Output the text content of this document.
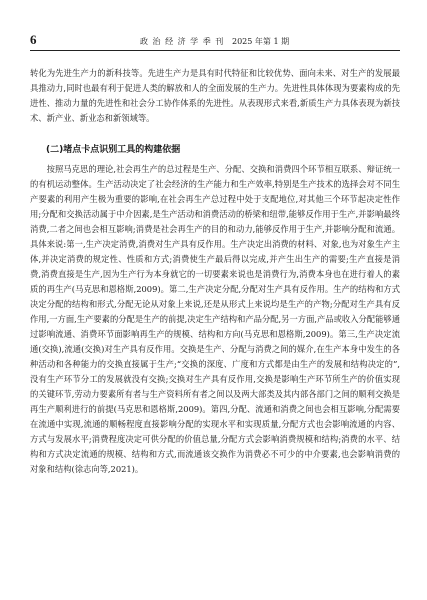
6	政 治 经 济 学 季 刊 2025 年第 1 期

转化为先进生产力的新科技等。先进生产力是具有时代特征和比较优势、面向未来、对生产的发展最具推动力,同时也最有利于促进人类的解放和人的全面发展的生产力。先进性具体体现为要素构成的先进性、推动力量的先进性和社会分工协作体系的先进性。从表现形式来看,新质生产力具体表现为新技术、新产业、新业态和新领域等。

(二)堵点卡点识别工具的构建依据

按照马克思的理论,社会再生产的总过程是生产、分配、交换和消费四个环节相互联系、辩证统一的有机运动整体。生产活动决定了社会经济的生产能力和生产效率,特别是生产技术的选择会对不同生产要素的利用产生极为重要的影响,在社会再生产总过程中处于支配地位,对其他三个环节起决定性作用;分配和交换活动属于中介因素,是生产活动和消费活动的桥梁和纽带,能够反作用于生产,并影响最终消费,二者之间也会相互影响;消费是社会再生产的目的和动力,能够反作用于生产,并影响分配和流通。具体来说:第一,生产决定消费,消费对生产具有反作用。生产决定出消费的材料、对象,也为对象生产主体,并决定消费的规定性、性质和方式;消费使生产最后得以完成,并产生出生产的需要;生产直接是消费,消费直接是生产,因为生产行为本身就它的一切要素来说也是消费行为,消费本身也在进行着人的素质的再生产(马克思和恩格斯,2009)。第二,生产决定分配,分配对生产具有反作用。生产的结构和方式决定分配的结构和形式,分配无论从对象上来说,还是从形式上来说均是生产的产物;分配对生产具有反作用,一方面,生产要素的分配是生产的前提,决定生产结构和产品分配,另一方面,产品或收入分配能够通过影响流通、消费环节面影响再生产的规模、结构和方向(马克思和恩格斯,2009)。第三,生产决定流通(交换),流通(交换)对生产具有反作用。交换是生产、分配与消费之间的媒介,在生产本身中发生的各种活动和各种能力的交换直接属于生产;“交换的深度、广度和方式都是由生产的发展和结构决定的”,没有生产环节分工的发展就没有交换;交换对生产具有反作用,交换是影响生产环节所生产的价值实现的关键环节,劳动力要素所有者与生产资料所有者之间以及两大部类及其内部各部门之间的顺利交换是再生产顺利进行的前提(马克思和恩格斯,2009)。第四,分配、流通和消费之间也会相互影响,分配需要在流通中实现,流通的顺畅程度直接影响分配的实现水平和实现质量,分配方式也会影响流通的内容、方式与发展水平;消费程度决定可供分配的价值总量,分配方式会影响消费规模和结构;消费的水平、结构和方式决定流通的规模、结构和方式,而流通该交换作为消费必不可少的中介要素,也会影响消费的对象和结构(徐志向等,2021)。
